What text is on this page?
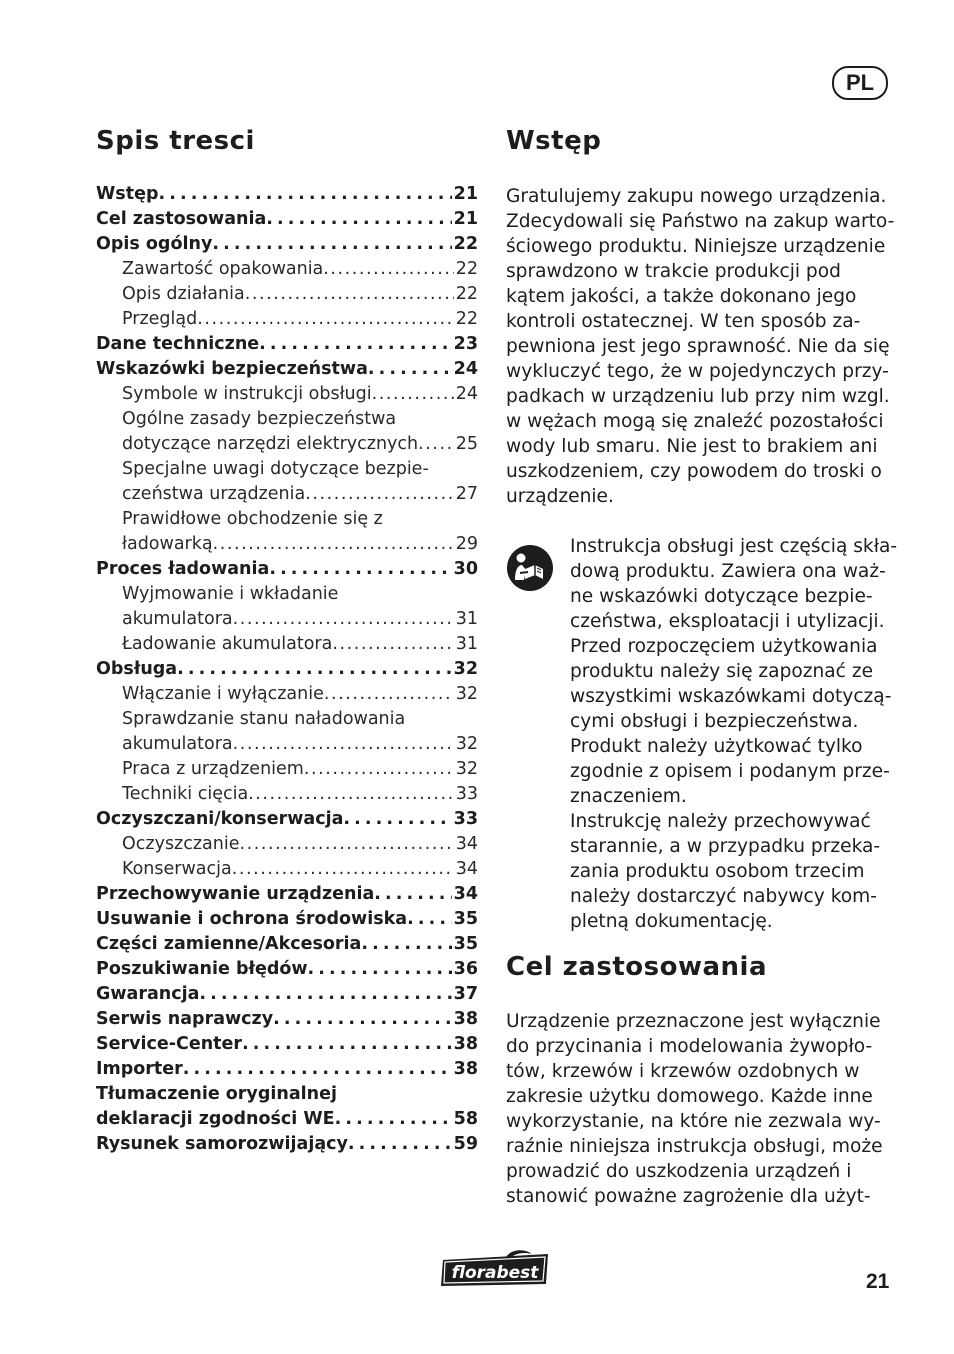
PL
Spis tresci
Wstęp . . .	21
Cel zastosowania . . .	21
Opis ogólny . . .	22
Zawartość opakowania . . .	22
Opis działania . . .	22
Przegląd . . .	22
Dane techniczne . . .	23
Wskazówki bezpieczeństwa . . .	24
Symbole w instrukcji obsługi . . .	24
Ogólne zasady bezpieczeństwa
dotyczące narzędzi elektrycznych . . . 25
Specjalne uwagi dotyczące bezpie-
czeństwa urządzenia . . .	27
Prawidłowe obchodzenie się z
ładowarką . . .	29
Proces ładowania . . .	30
Wyjmowanie i wkładanie
akumulatora . . .	31
Ładowanie akumulatora . . .	31
Obsługa . . .	32
Włączanie i wyłączanie . . .	32
Sprawdzanie stanu naładowania
akumulatora . . .	32
Praca z urządzeniem . . .	32
Techniki cięcia . . .	33
Oczyszczani/konserwacja . . .	33
Oczyszczanie . . .	34
Konserwacja . . .	34
Przechowywanie urządzenia . . .	34
Usuwanie i ochrona środowiska . . .	35
Części zamienne/Akcesoria . . .	35
Poszukiwanie błędów . . .	36
Gwarancja . . .	37
Serwis naprawczy . . .	38
Service-Center . . .	38
Importer . . .	38
Tłumaczenie oryginalnej
deklaracji zgodności WE . . .	58
Rysunek samorozwijający . . .	59
Wstęp
Gratulujemy zakupu nowego urządzenia.
Zdecydowali się Państwo na zakup warto-
ściowego produktu. Niniejsze urządzenie
sprawdzono w trakcie produkcji pod
kątem jakości, a także dokonano jego
kontroli ostatecznej. W ten sposób za-
pewniona jest jego sprawność. Nie da się
wykluczyć tego, że w pojedynczych przy-
padkach w urządzeniu lub przy nim wzgl.
w wężach mogą się znaleźć pozostałości
wody lub smaru. Nie jest to brakiem ani
uszkodzeniem, czy powodem do troski o
urządzenie.
Instrukcja obsługi jest częścią skła-
dową produktu. Zawiera ona waż-
ne wskazówki dotyczące bezpie-
czeństwa, eksploatacji i utylizacji.
Przed rozpoczęciem użytkowania
produktu należy się zapoznać ze
wszystkimi wskazówkami dotyczą-
cymi obsługi i bezpieczeństwa.
Produkt należy użytkować tylko
zgodnie z opisem i podanym prze-
znaczeniem.
Instrukcję należy przechowywać
starannie, a w przypadku przeka-
zania produktu osobom trzecim
należy dostarczyć nabywcy kom-
pletną dokumentację.
Cel zastosowania
Urządzenie przeznaczone jest wyłącznie
do przycinania i modelowania żywopło-
tów, krzewów i krzewów ozdobnych w
zakresie użytku domowego. Każde inne
wykorzystanie, na które nie zezwala wy-
raźnie niniejsza instrukcja obsługi, może
prowadzić do uszkodzenia urządzeń i
stanowić poważne zagrożenie dla użyt-
florabest	21
